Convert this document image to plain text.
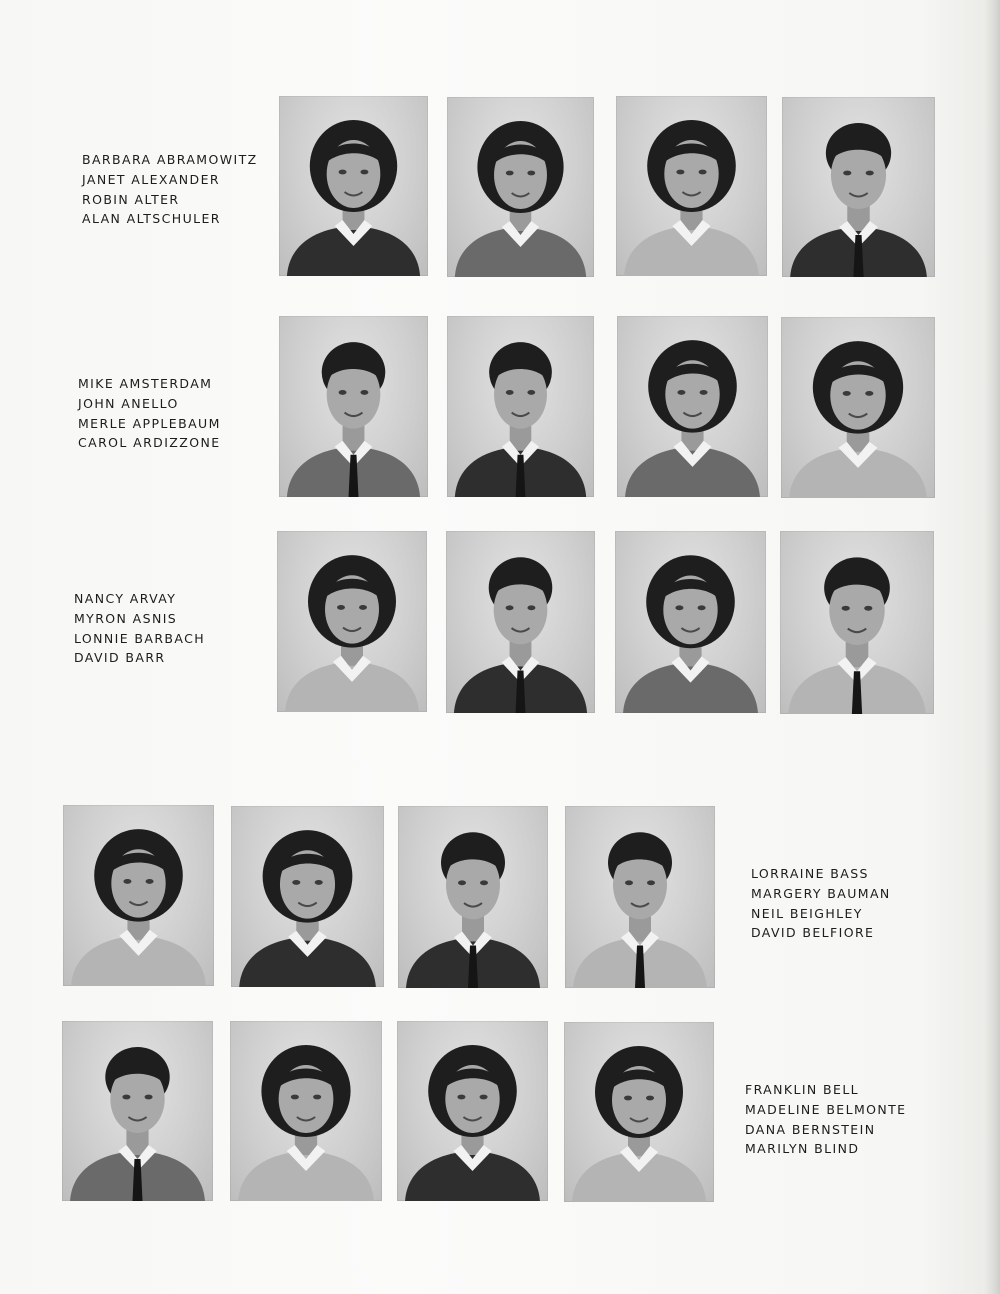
BARBARA ABRAMOWITZ
JANET ALEXANDER
ROBIN ALTER
ALAN ALTSCHULER
MIKE AMSTERDAM
JOHN ANELLO
MERLE APPLEBAUM
CAROL ARDIZZONE
NANCY ARVAY
MYRON ASNIS
LONNIE BARBACH
DAVID BARR
LORRAINE BASS
MARGERY BAUMAN
NEIL BEIGHLEY
DAVID BELFIORE
FRANKLIN BELL
MADELINE BELMONTE
DANA BERNSTEIN
MARILYN BLIND
